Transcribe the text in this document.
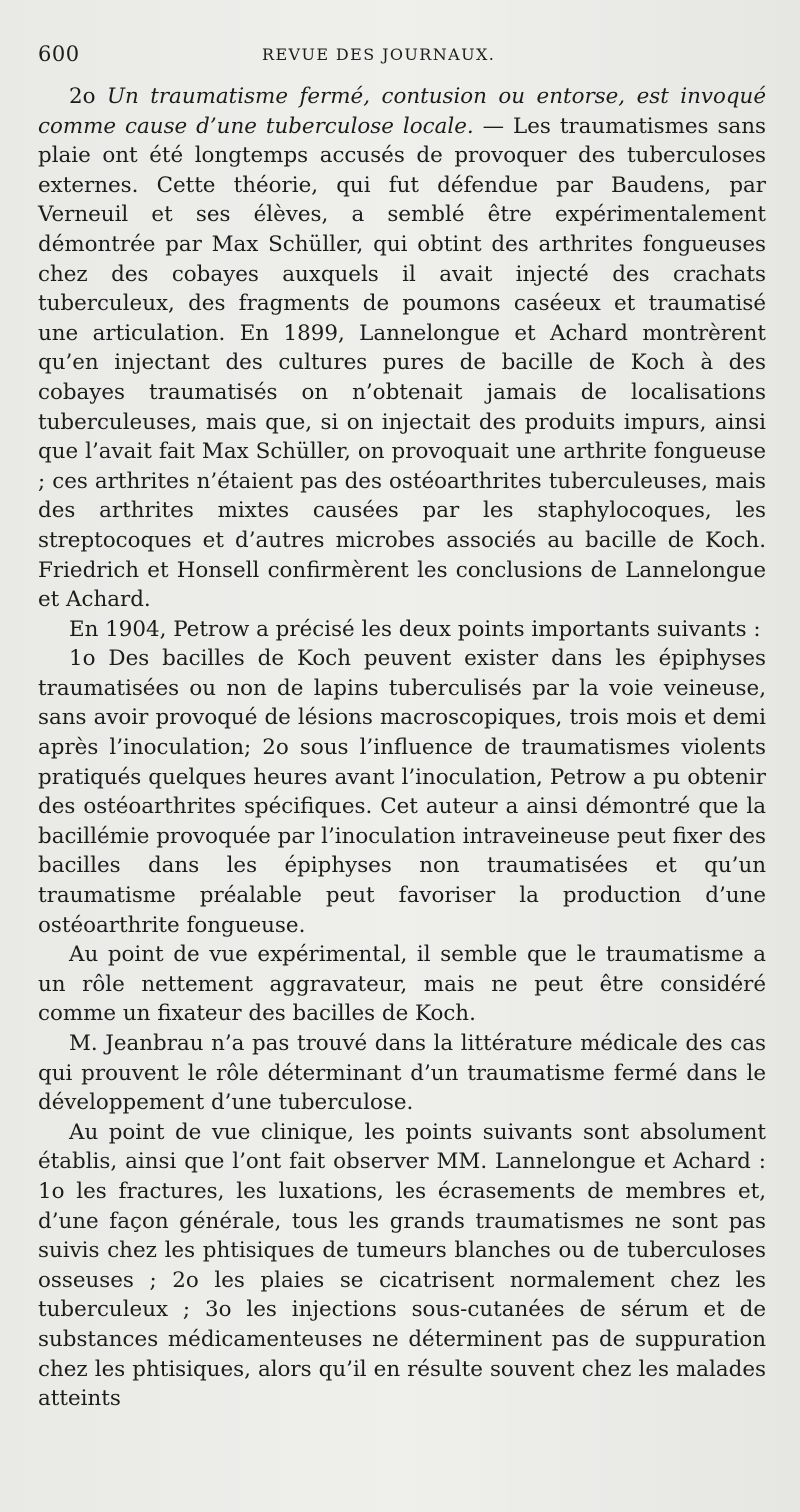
600	REVUE DES JOURNAUX.

2o Un traumatisme fermé, contusion ou entorse, est invoqué comme cause d’une tuberculose locale. — Les traumatismes sans plaie ont été longtemps accusés de provoquer des tuberculoses externes. Cette théorie, qui fut défendue par Baudens, par Verneuil et ses élèves, a semblé être expérimentalement démontrée par Max Schüller, qui obtint des arthrites fongueuses chez des cobayes auxquels il avait injecté des crachats tuberculeux, des fragments de poumons caséeux et traumatisé une articulation. En 1899, Lannelongue et Achard montrèrent qu’en injectant des cultures pures de bacille de Koch à des cobayes traumatisés on n’obtenait jamais de localisations tuberculeuses, mais que, si on injectait des produits impurs, ainsi que l’avait fait Max Schüller, on provoquait une arthrite fongueuse ; ces arthrites n’étaient pas des ostéoarthrites tuberculeuses, mais des arthrites mixtes causées par les staphylocoques, les streptocoques et d’autres microbes associés au bacille de Koch. Friedrich et Honsell confirmèrent les conclusions de Lannelongue et Achard.

En 1904, Petrow a précisé les deux points importants suivants :

1o Des bacilles de Koch peuvent exister dans les épiphyses traumatisées ou non de lapins tuberculisés par la voie veineuse, sans avoir provoqué de lésions macroscopiques, trois mois et demi après l’inoculation; 2o sous l’influence de traumatismes violents pratiqués quelques heures avant l’inoculation, Petrow a pu obtenir des ostéoarthrites spécifiques. Cet auteur a ainsi démontré que la bacillémie provoquée par l’inoculation intraveineuse peut fixer des bacilles dans les épiphyses non traumatisées et qu’un traumatisme préalable peut favoriser la production d’une ostéoarthrite fongueuse.

Au point de vue expérimental, il semble que le traumatisme a un rôle nettement aggravateur, mais ne peut être considéré comme un fixateur des bacilles de Koch.

M. Jeanbrau n’a pas trouvé dans la littérature médicale des cas qui prouvent le rôle déterminant d’un traumatisme fermé dans le développement d’une tuberculose.

Au point de vue clinique, les points suivants sont absolument établis, ainsi que l’ont fait observer MM. Lannelongue et Achard : 1o les fractures, les luxations, les écrasements de membres et, d’une façon générale, tous les grands traumatismes ne sont pas suivis chez les phtisiques de tumeurs blanches ou de tuberculoses osseuses ; 2o les plaies se cicatrisent normalement chez les tuberculeux ; 3o les injections sous-cutanées de sérum et de substances médicamenteuses ne déterminent pas de suppuration chez les phtisiques, alors qu’il en résulte souvent chez les malades atteints
